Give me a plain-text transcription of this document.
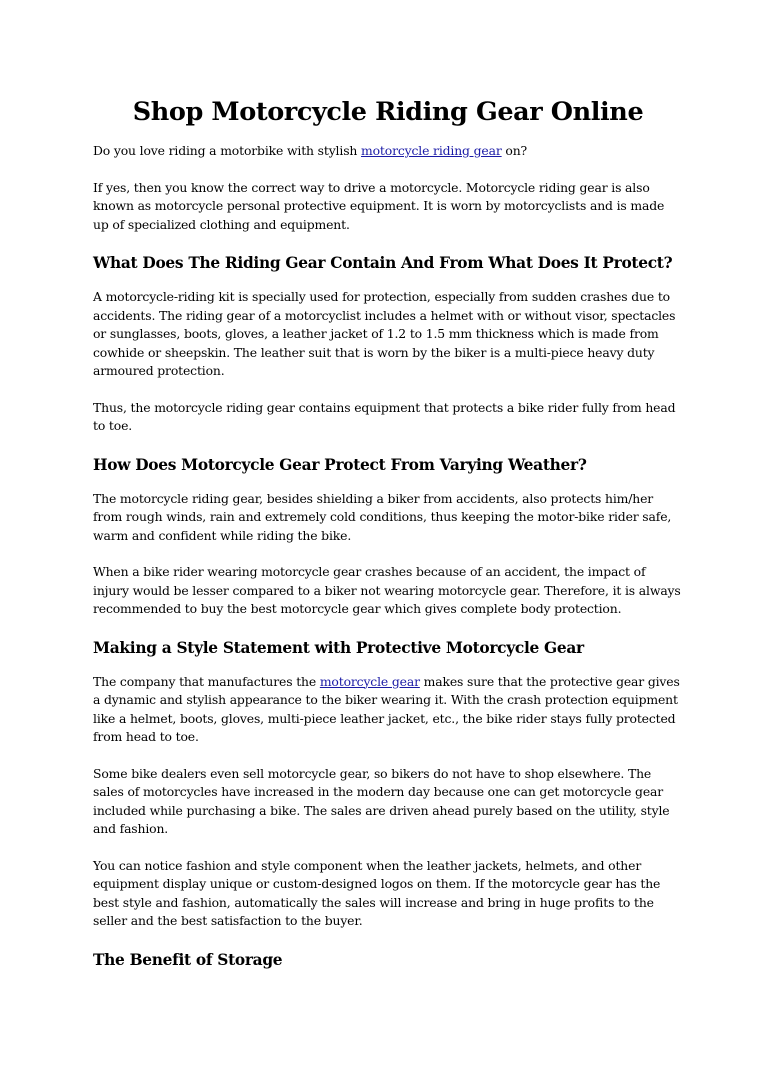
Shop Motorcycle Riding Gear Online

Do you love riding a motorbike with stylish motorcycle riding gear on?

If yes, then you know the correct way to drive a motorcycle. Motorcycle riding gear is also known as motorcycle personal protective equipment. It is worn by motorcyclists and is made up of specialized clothing and equipment.

What Does The Riding Gear Contain And From What Does It Protect?

A motorcycle-riding kit is specially used for protection, especially from sudden crashes due to accidents. The riding gear of a motorcyclist includes a helmet with or without visor, spectacles or sunglasses, boots, gloves, a leather jacket of 1.2 to 1.5 mm thickness which is made from cowhide or sheepskin. The leather suit that is worn by the biker is a multi-piece heavy duty armoured protection.

Thus, the motorcycle riding gear contains equipment that protects a bike rider fully from head to toe.

How Does Motorcycle Gear Protect From Varying Weather?

The motorcycle riding gear, besides shielding a biker from accidents, also protects him/her from rough winds, rain and extremely cold conditions, thus keeping the motor-bike rider safe, warm and confident while riding the bike.

When a bike rider wearing motorcycle gear crashes because of an accident, the impact of injury would be lesser compared to a biker not wearing motorcycle gear. Therefore, it is always recommended to buy the best motorcycle gear which gives complete body protection.

Making a Style Statement with Protective Motorcycle Gear

The company that manufactures the motorcycle gear makes sure that the protective gear gives a dynamic and stylish appearance to the biker wearing it. With the crash protection equipment like a helmet, boots, gloves, multi-piece leather jacket, etc., the bike rider stays fully protected from head to toe.

Some bike dealers even sell motorcycle gear, so bikers do not have to shop elsewhere. The sales of motorcycles have increased in the modern day because one can get motorcycle gear included while purchasing a bike. The sales are driven ahead purely based on the utility, style and fashion.

You can notice fashion and style component when the leather jackets, helmets, and other equipment display unique or custom-designed logos on them. If the motorcycle gear has the best style and fashion, automatically the sales will increase and bring in huge profits to the seller and the best satisfaction to the buyer.

The Benefit of Storage
